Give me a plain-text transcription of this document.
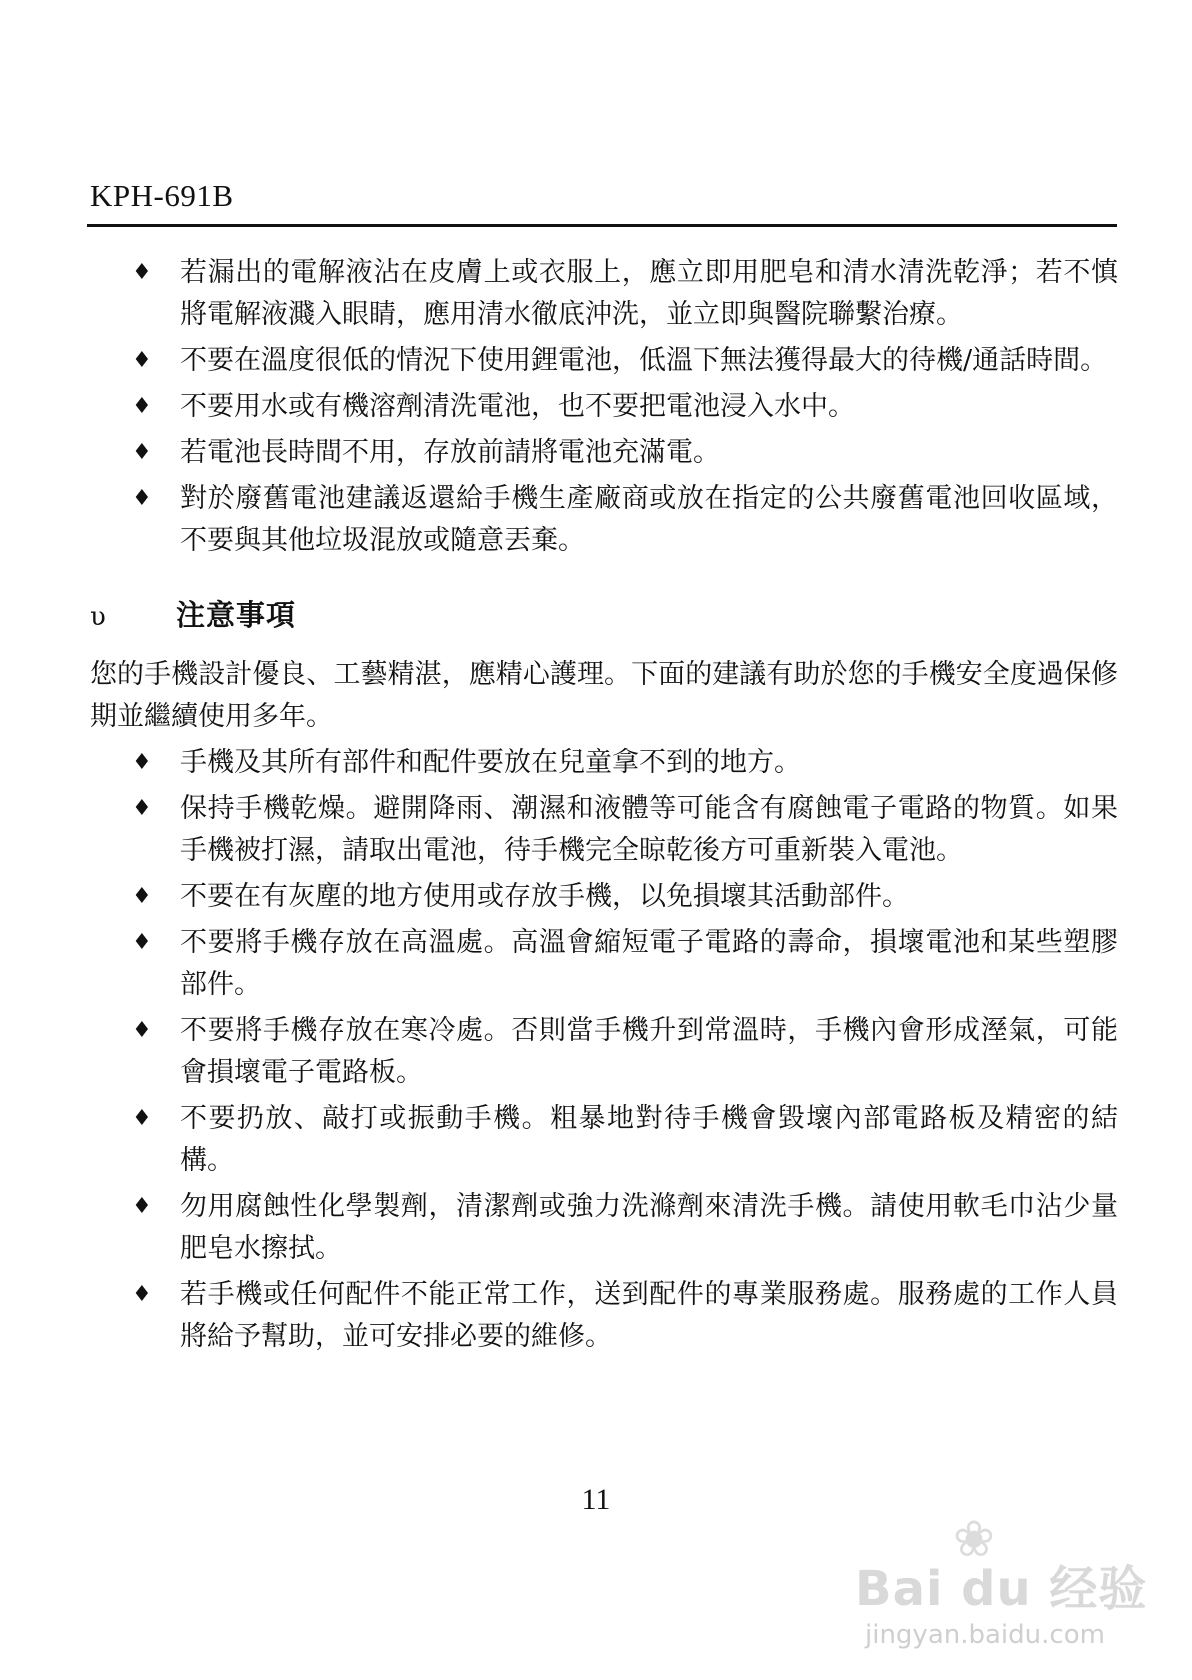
KPH-691B
♦ 若漏出的電解液沾在皮膚上或衣服上，應立即用肥皂和清水清洗乾淨；若不慎將電解液濺入眼睛，應用清水徹底沖洗，並立即與醫院聯繫治療。
♦ 不要在溫度很低的情況下使用鋰電池，低溫下無法獲得最大的待機/通話時間。
♦ 不要用水或有機溶劑清洗電池，也不要把電池浸入水中。
♦ 若電池長時間不用，存放前請將電池充滿電。
♦ 對於廢舊電池建議返還給手機生產廠商或放在指定的公共廢舊電池回收區域，不要與其他垃圾混放或隨意丟棄。
υ 注意事項

您的手機設計優良、工藝精湛，應精心護理。下面的建議有助於您的手機安全度過保修期並繼續使用多年。

♦ 手機及其所有部件和配件要放在兒童拿不到的地方。
♦ 保持手機乾燥。避開降雨、潮濕和液體等可能含有腐蝕電子電路的物質。如果手機被打濕，請取出電池，待手機完全晾乾後方可重新裝入電池。
♦ 不要在有灰塵的地方使用或存放手機，以免損壞其活動部件。
♦ 不要將手機存放在高溫處。高溫會縮短電子電路的壽命，損壞電池和某些塑膠部件。
♦ 不要將手機存放在寒冷處。否則當手機升到常溫時，手機內會形成溼氣，可能會損壞電子電路板。
♦ 不要扔放、敲打或振動手機。粗暴地對待手機會毀壞內部電路板及精密的結構。
♦ 勿用腐蝕性化學製劑，清潔劑或強力洗滌劑來清洗手機。請使用軟毛巾沾少量肥皂水擦拭。
♦ 若手機或任何配件不能正常工作，送到配件的專業服務處。服務處的工作人員將給予幫助，並可安排必要的維修。
11
❀
Bai du 经验
jingyan.baidu.com
